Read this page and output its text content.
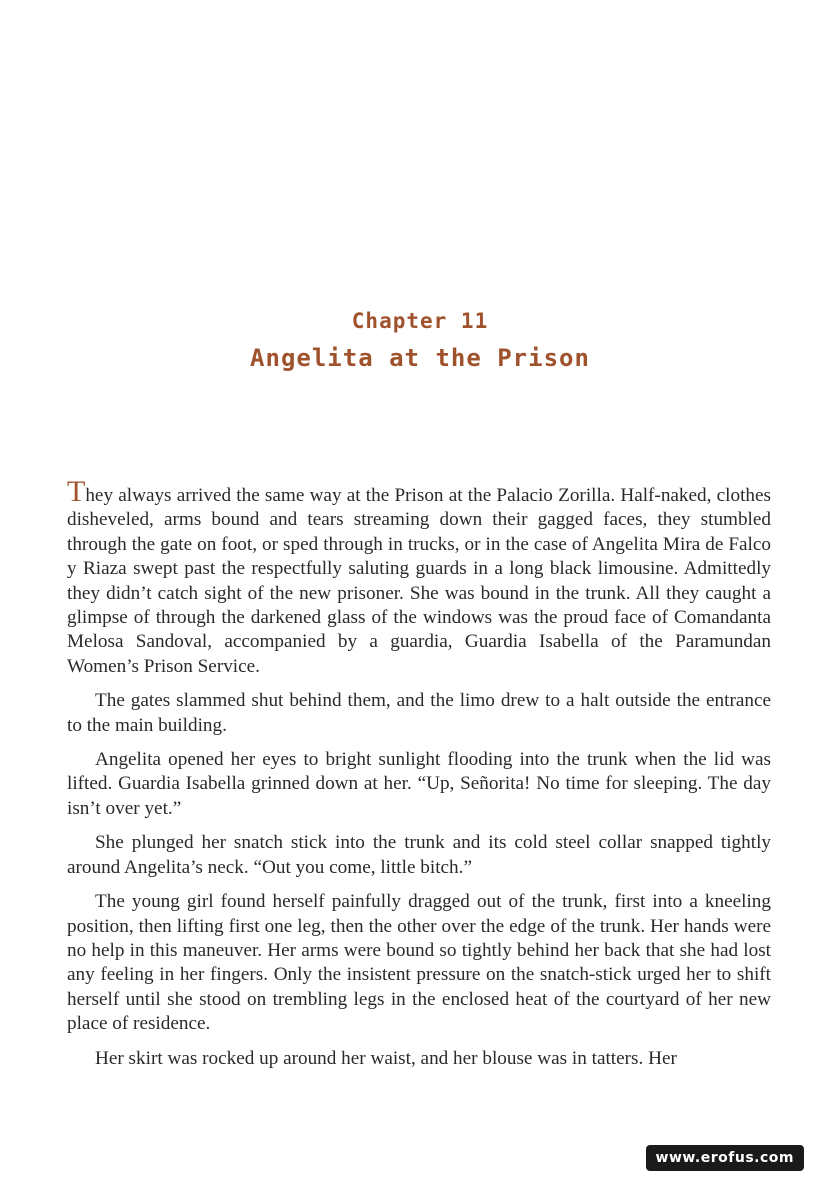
Chapter 11
Angelita at the Prison

They always arrived the same way at the Prison at the Palacio Zorilla. Half-naked, clothes disheveled, arms bound and tears streaming down their gagged faces, they stumbled through the gate on foot, or sped through in trucks, or in the case of Angelita Mira de Falco y Riaza swept past the respectfully saluting guards in a long black limousine. Admittedly they didn’t catch sight of the new prisoner. She was bound in the trunk. All they caught a glimpse of through the darkened glass of the windows was the proud face of Comandanta Melosa Sandoval, accompanied by a guardia, Guardia Isabella of the Paramundan Women’s Prison Service.

The gates slammed shut behind them, and the limo drew to a halt outside the entrance to the main building.

Angelita opened her eyes to bright sunlight flooding into the trunk when the lid was lifted. Guardia Isabella grinned down at her. “Up, Señorita! No time for sleeping. The day isn’t over yet.”

She plunged her snatch stick into the trunk and its cold steel collar snapped tightly around Angelita’s neck. “Out you come, little bitch.”

The young girl found herself painfully dragged out of the trunk, first into a kneeling position, then lifting first one leg, then the other over the edge of the trunk. Her hands were no help in this maneuver. Her arms were bound so tightly behind her back that she had lost any feeling in her fingers. Only the insistent pressure on the snatch-stick urged her to shift herself until she stood on trembling legs in the enclosed heat of the courtyard of her new place of residence.

Her skirt was rocked up around her waist, and her blouse was in tatters. Her

www.erofus.com
